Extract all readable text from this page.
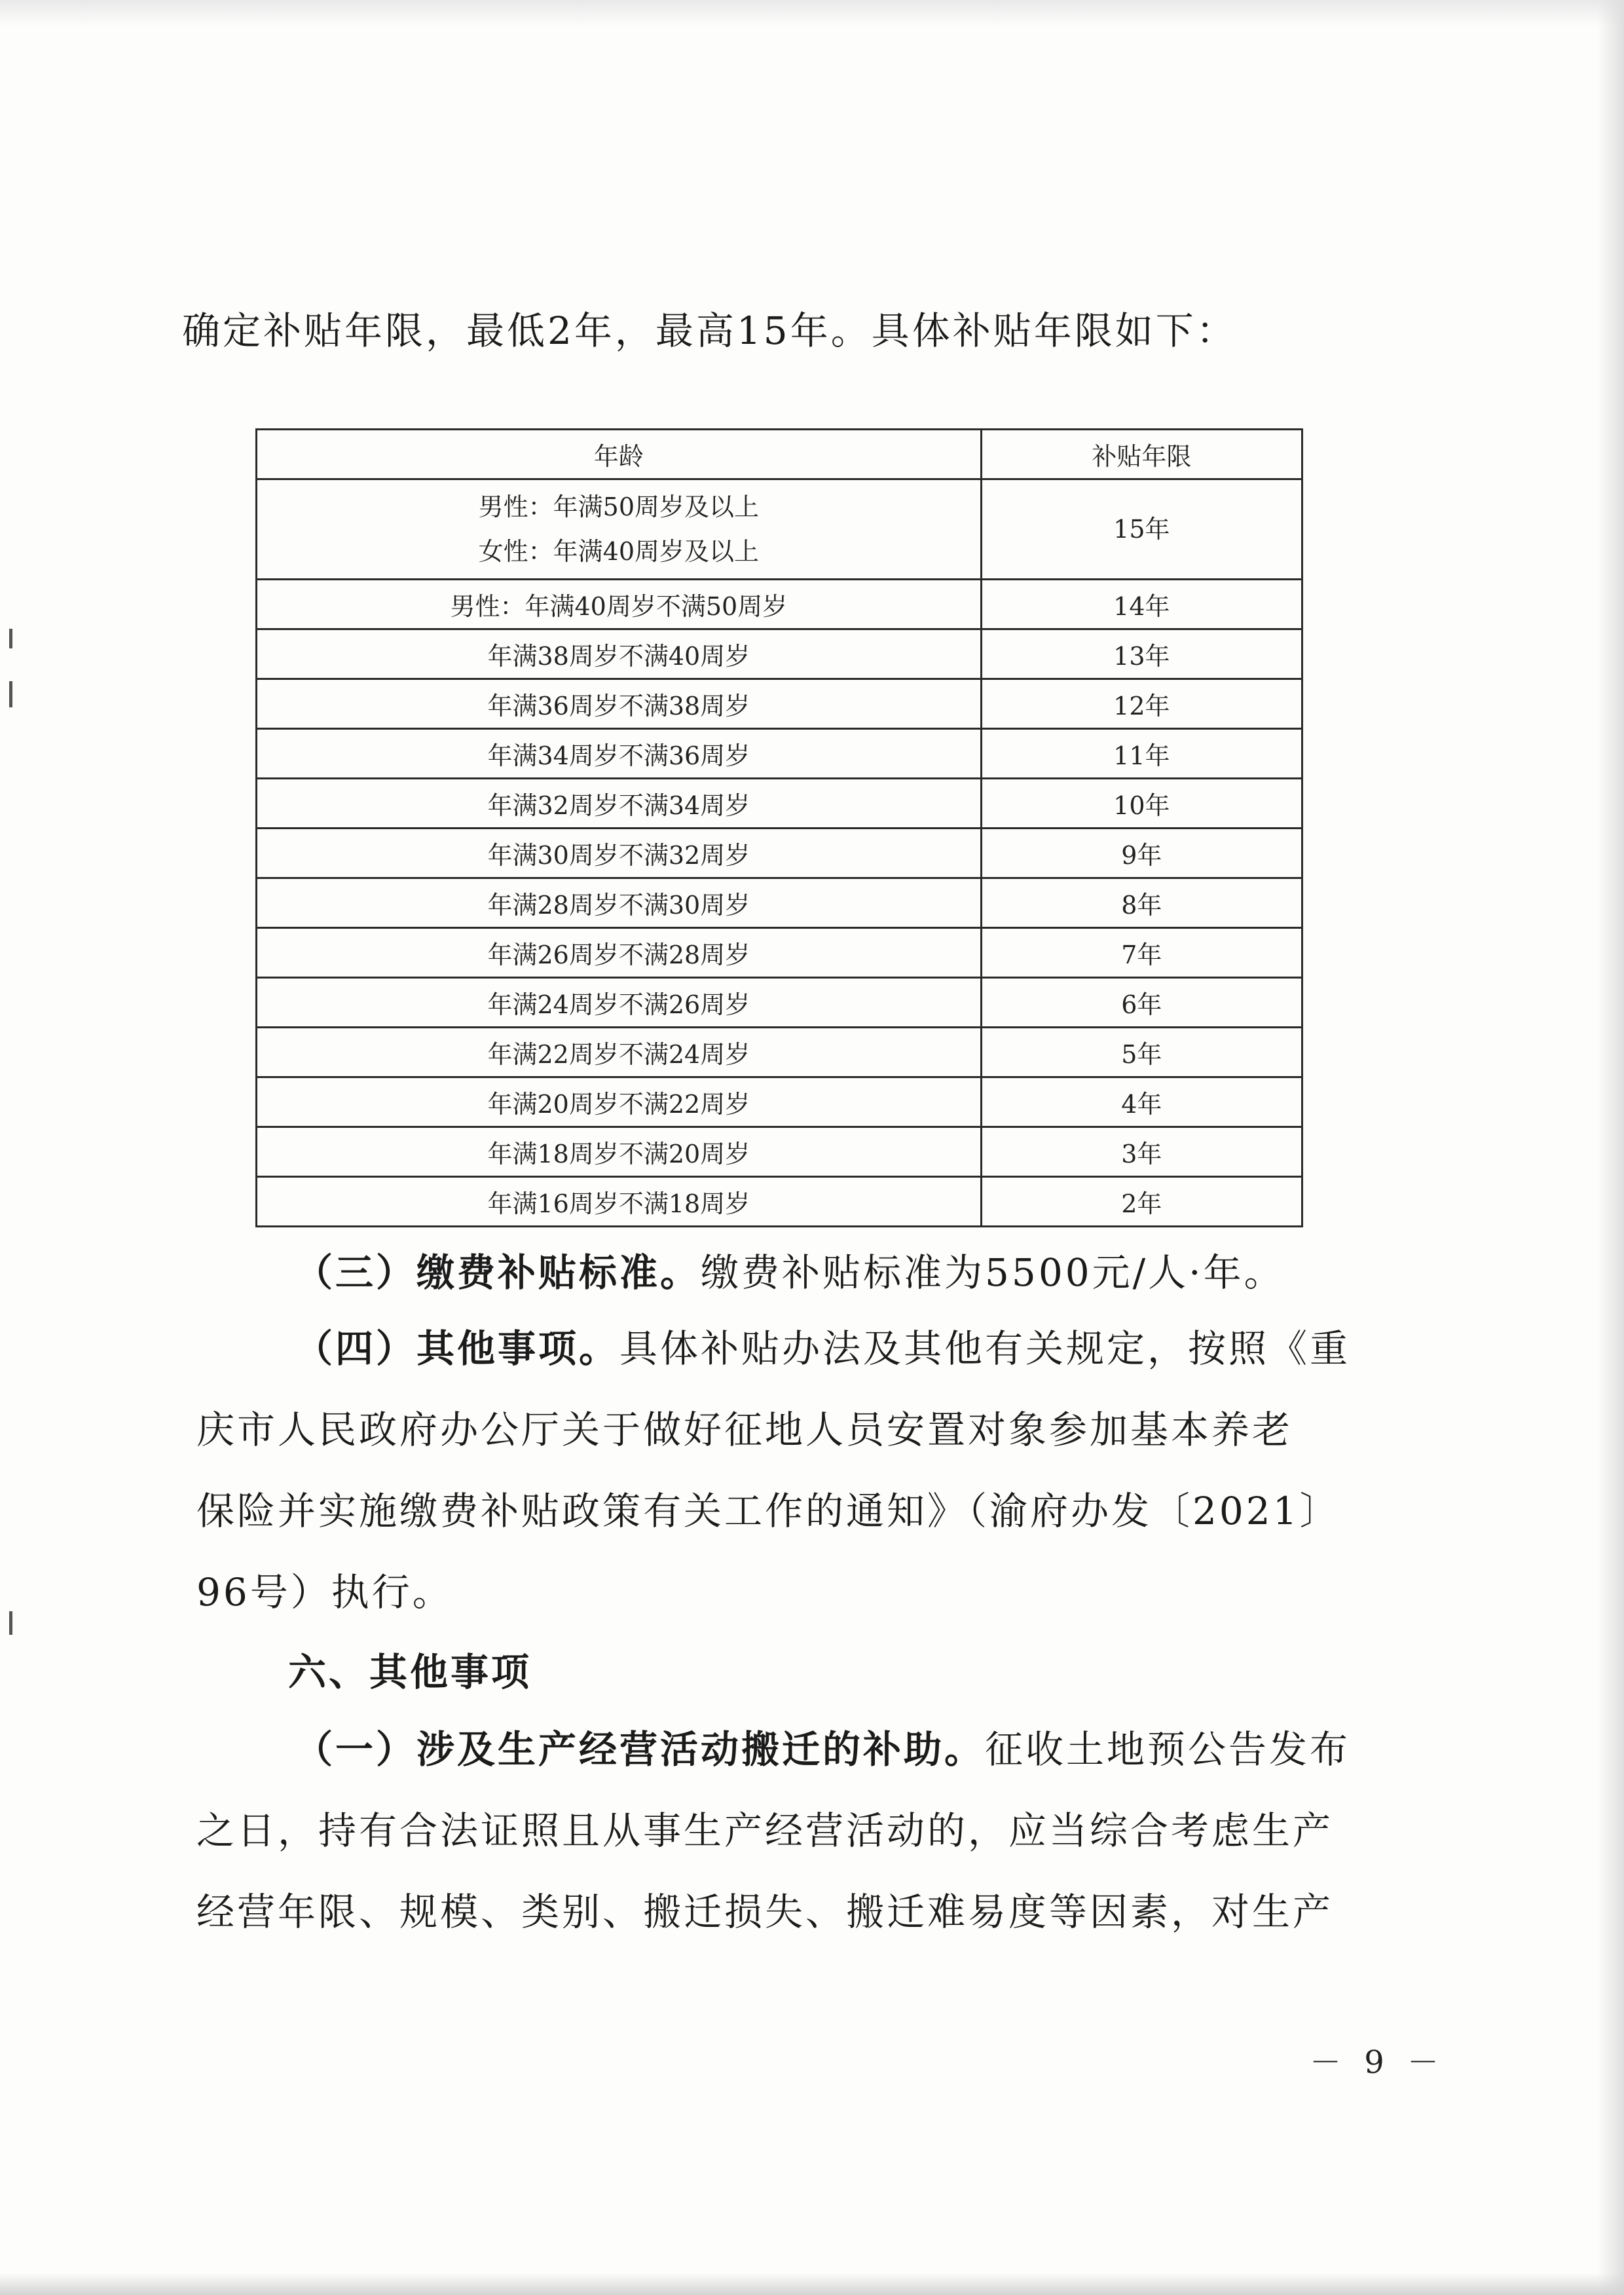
确定补贴年限，最低2年，最高15年。具体补贴年限如下：

年龄	补贴年限

男性：年满50周岁及以上
女性：年满40周岁及以上	15年
男性：年满40周岁不满50周岁	14年
年满38周岁不满40周岁	13年
年满36周岁不满38周岁	12年
年满34周岁不满36周岁	11年
年满32周岁不满34周岁	10年
年满30周岁不满32周岁	9年
年满28周岁不满30周岁	8年
年满26周岁不满28周岁	7年
年满24周岁不满26周岁	6年
年满22周岁不满24周岁	5年
年满20周岁不满22周岁	4年
年满18周岁不满20周岁	3年
年满16周岁不满18周岁	2年

（三）缴费补贴标准。缴费补贴标准为5500元/人·年。

（四）其他事项。具体补贴办法及其他有关规定，按照《重

庆市人民政府办公厅关于做好征地人员安置对象参加基本养老

保险并实施缴费补贴政策有关工作的通知》（渝府办发〔2021〕

96号）执行。

六、其他事项

（一）涉及生产经营活动搬迁的补助。征收土地预公告发布

之日，持有合法证照且从事生产经营活动的，应当综合考虑生产

经营年限、规模、类别、搬迁损失、搬迁难易度等因素，对生产

－ 9 －
